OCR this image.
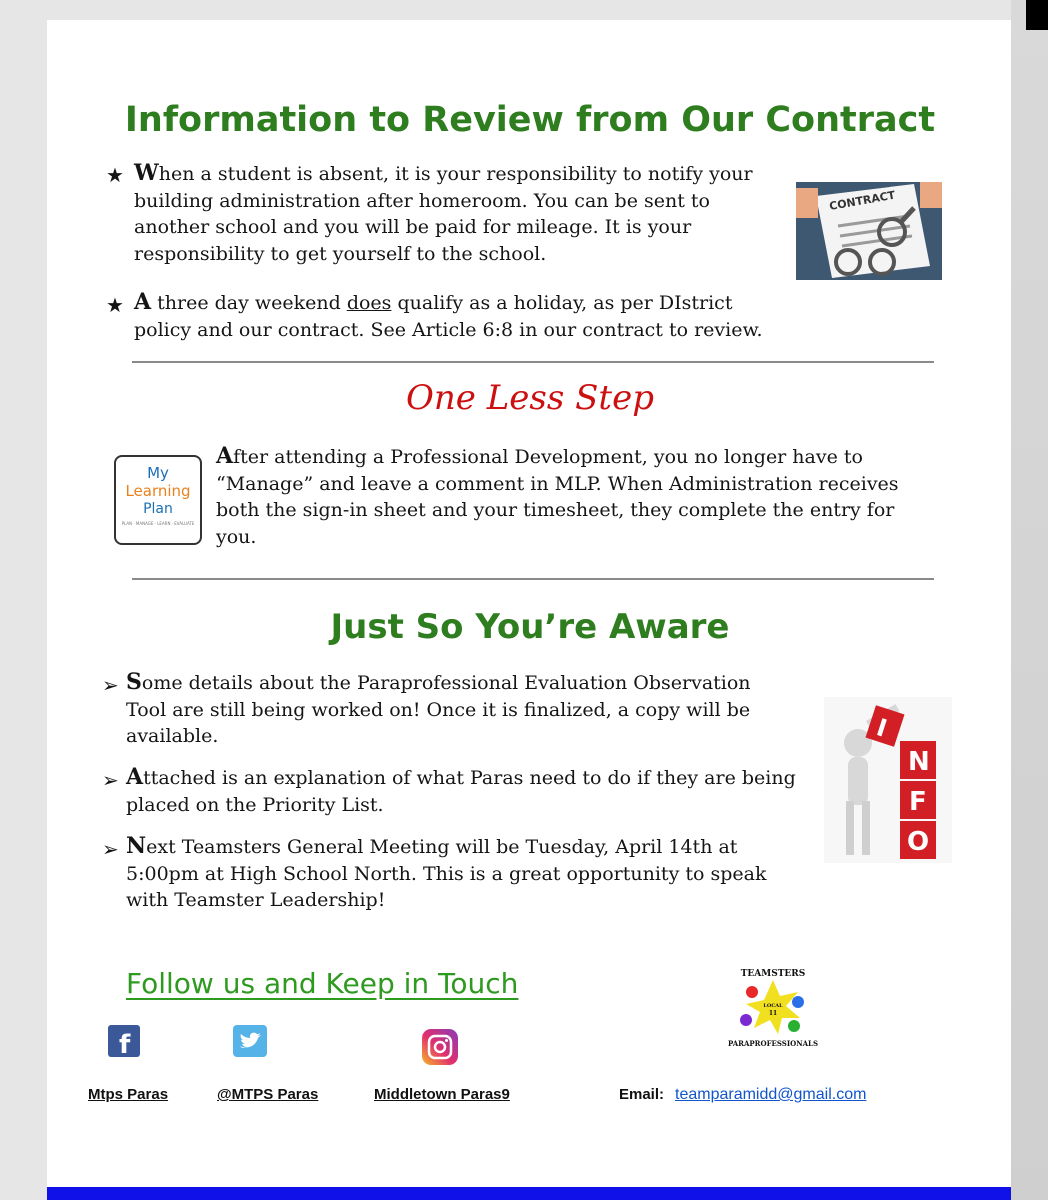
Information to Review from Our Contract
★ When a student is absent, it is your responsibility to notify your building administration after homeroom. You can be sent to another school and you will be paid for mileage. It is your responsibility to get yourself to the school.

★ A three day weekend does qualify as a holiday, as per DIstrict policy and our contract. See Article 6:8 in our contract to review.

CONTRACT
One Less Step
My
Learning
Plan
PLAN · MANAGE · LEARN · EVALUATE

After attending a Professional Development, you no longer have to “Manage” and leave a comment in MLP. When Administration receives both the sign-in sheet and your timesheet, they complete the entry for you.

Just So You’re Aware
➢ Some details about the Paraprofessional Evaluation Observation Tool are still being worked on! Once it is finalized, a copy will be available.

➢ Attached is an explanation of what Paras need to do if they are being placed on the Priority List.

➢ Next Teamsters General Meeting will be Tuesday, April 14th at 5:00pm at High School North. This is a great opportunity to speak with Teamster Leadership!

I
N
F
O
Follow us and Keep in Touch	TEAMSTERS
LOCAL
11
PARAPROFESSIONALS
f

Mtps Paras	@MTPS Paras	Middletown Paras9	Email: teamparamidd@gmail.com
